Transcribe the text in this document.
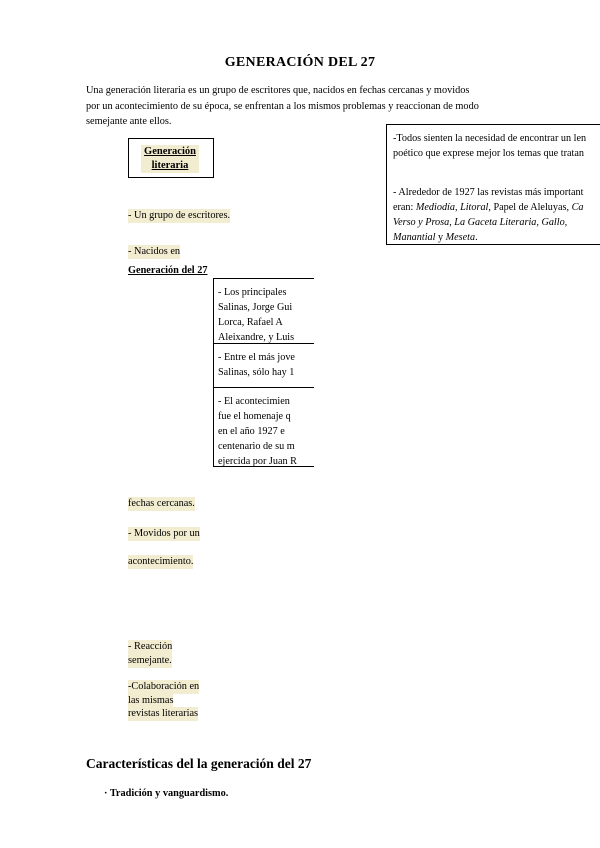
GENERACIÓN DEL 27
Una generación literaria es un grupo de escritores que, nacidos en fechas cercanas y movidos
por un acontecimiento de su época, se enfrentan a los mismos problemas y reaccionan de modo
semejante ante ellos.
Generación
literaria
- Un grupo de escritores.
- Nacidos en
Generación del 27

-Todos sienten la necesidad de encontrar un len

poético que exprese mejor los temas que tratan

- Alrededor de 1927 las revistas más important

eran: Mediodía, Litoral, Papel de Aleluyas, Ca

Verso y Prosa, La Gaceta Literaria, Gallo,

Manantial y Meseta.

- Los principales
Salinas, Jorge Gui
Lorca, Rafael A
Aleixandre, y Luis
- Entre el más jove
Salinas, sólo hay 1
- El acontecimien
fue el homenaje q
en el año 1927 e
centenario de su m
ejercida por Juan R
fechas cercanas.
- Movidos por un
acontecimiento.
- Reacción
semejante.
-Colaboración en
las mismas
revistas literarias
Características del la generación del 27
· Tradición y vanguardismo.
